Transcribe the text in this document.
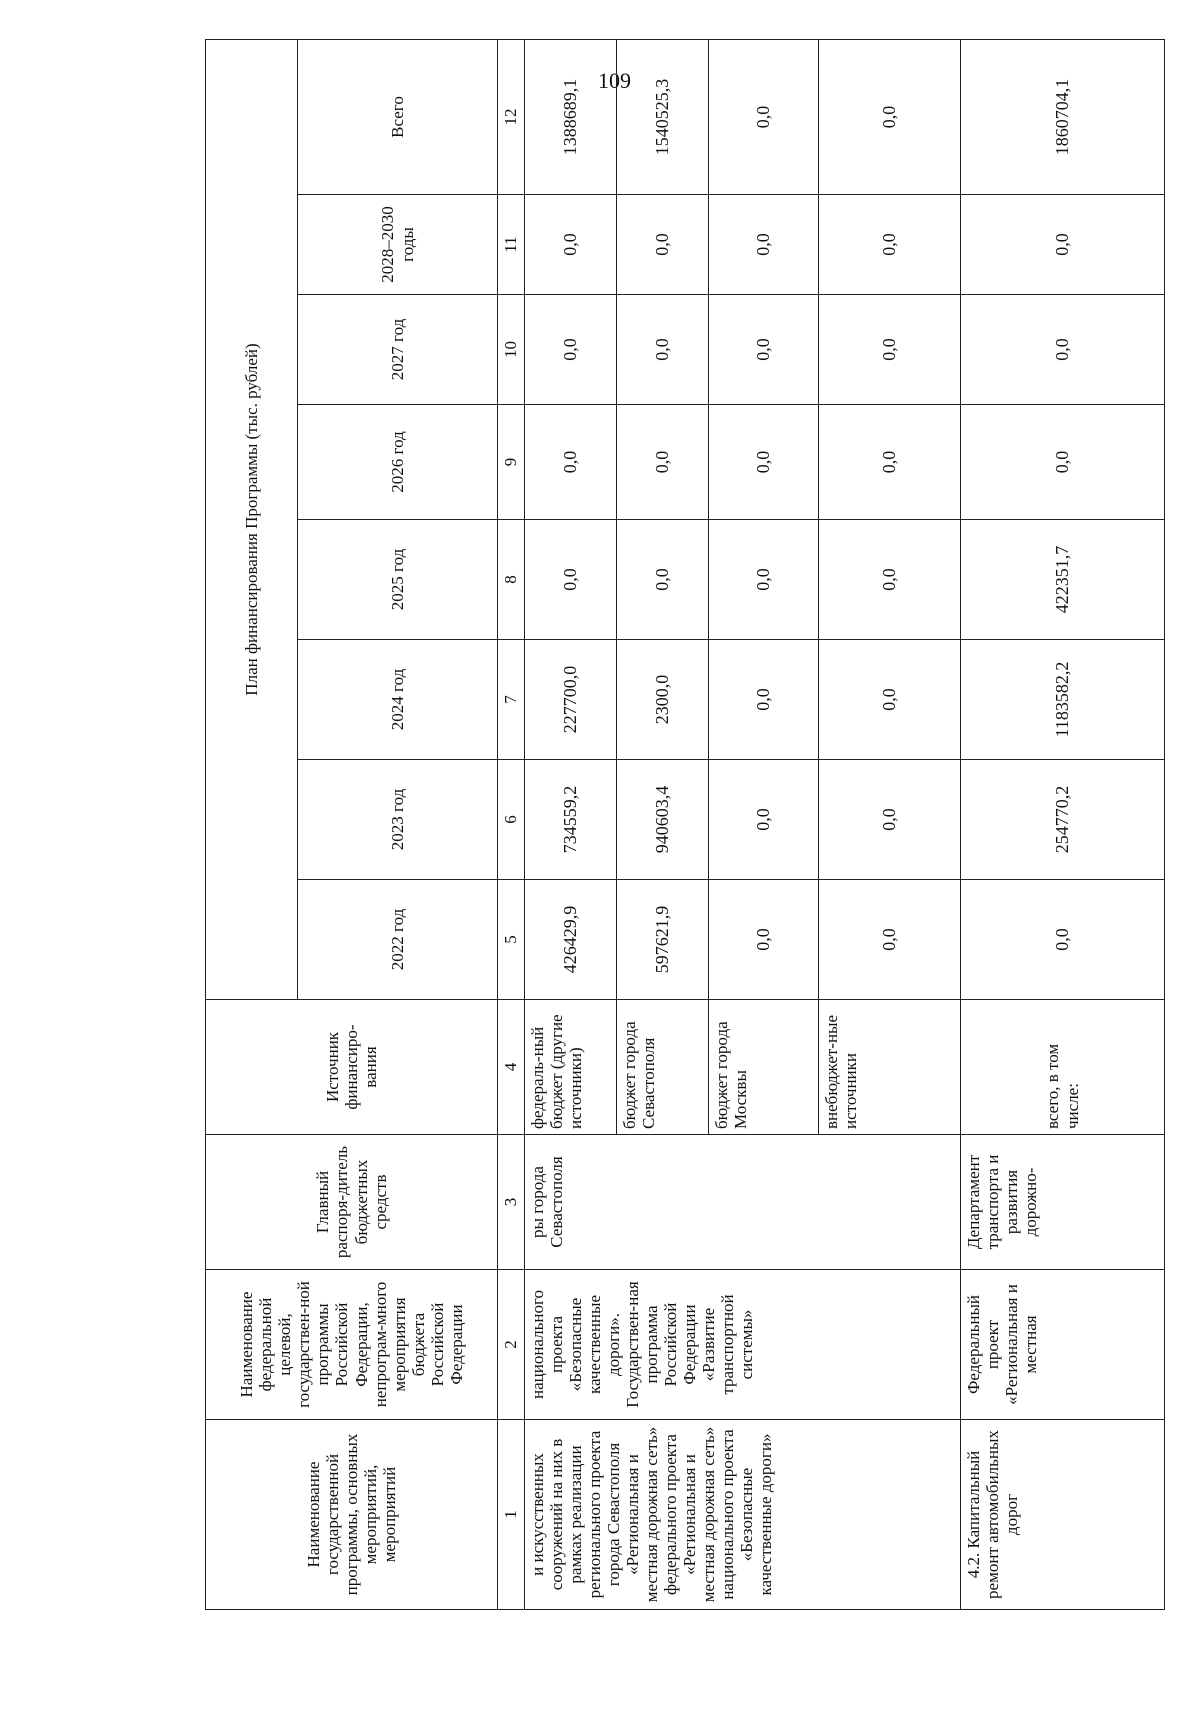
109
Наименование государственной программы, основных мероприятий, мероприятий	Наименование федеральной целевой, государствен-ной программы Российской Федерации, непрограм-много мероприятия бюджета Российской Федерации	Главный распоря-дитель бюджетных средств	Источник финансиро-вания	План финансирования Программы (тыс. рублей)							
				2022 год	2023 год	2024 год	2025 год	2026 год	2027 год	2028–2030 годы	Всего
1	2	3	4	5	6	7	8	9	10	11	12
и искусственных сооружений на них в рамках реализации регионального проекта города Севастополя «Региональная и местная дорожная сеть» федерального проекта «Региональная и местная дорожная сеть» национального проекта «Безопасные качественные дороги»	национального проекта «Безопасные качественные дороги». Государствен-ная программа Российской Федерации «Развитие транспортной системы»	ры города Севастополя	федераль-ный бюджет (другие источники)	426429,9	734559,2	227700,0	0,0	0,0	0,0	0,0	1388689,1
			бюджет города Севастополя	597621,9	940603,4	2300,0	0,0	0,0	0,0	0,0	1540525,3
			бюджет города Москвы	0,0	0,0	0,0	0,0	0,0	0,0	0,0	0,0
			внебюджет-ные источники	0,0	0,0	0,0	0,0	0,0	0,0	0,0	0,0
4.2. Капитальный ремонт автомобильных дорог	Федеральный проект «Региональная и местная	Департамент транспорта и развития дорожно-	всего, в том числе:	0,0	254770,2	1183582,2	422351,7	0,0	0,0	0,0	1860704,1
